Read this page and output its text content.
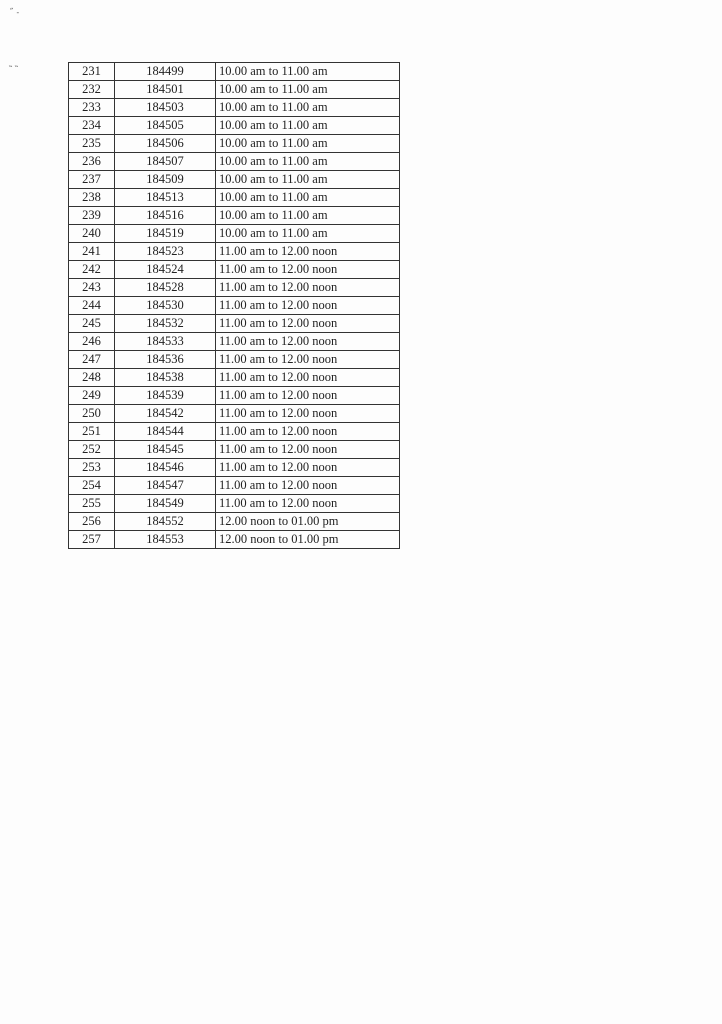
˝ ˗
˵ ˵	231	184499	10.00 am to 11.00 am
232	184501	10.00 am to 11.00 am
233	184503	10.00 am to 11.00 am
234	184505	10.00 am to 11.00 am
235	184506	10.00 am to 11.00 am
236	184507	10.00 am to 11.00 am
237	184509	10.00 am to 11.00 am
238	184513	10.00 am to 11.00 am
239	184516	10.00 am to 11.00 am
240	184519	10.00 am to 11.00 am
241	184523	11.00 am to 12.00 noon
242	184524	11.00 am to 12.00 noon
243	184528	11.00 am to 12.00 noon
244	184530	11.00 am to 12.00 noon
245	184532	11.00 am to 12.00 noon
246	184533	11.00 am to 12.00 noon
247	184536	11.00 am to 12.00 noon
248	184538	11.00 am to 12.00 noon
249	184539	11.00 am to 12.00 noon
250	184542	11.00 am to 12.00 noon
251	184544	11.00 am to 12.00 noon
252	184545	11.00 am to 12.00 noon
253	184546	11.00 am to 12.00 noon
254	184547	11.00 am to 12.00 noon
255	184549	11.00 am to 12.00 noon
256	184552	12.00 noon to 01.00 pm
257	184553	12.00 noon to 01.00 pm
